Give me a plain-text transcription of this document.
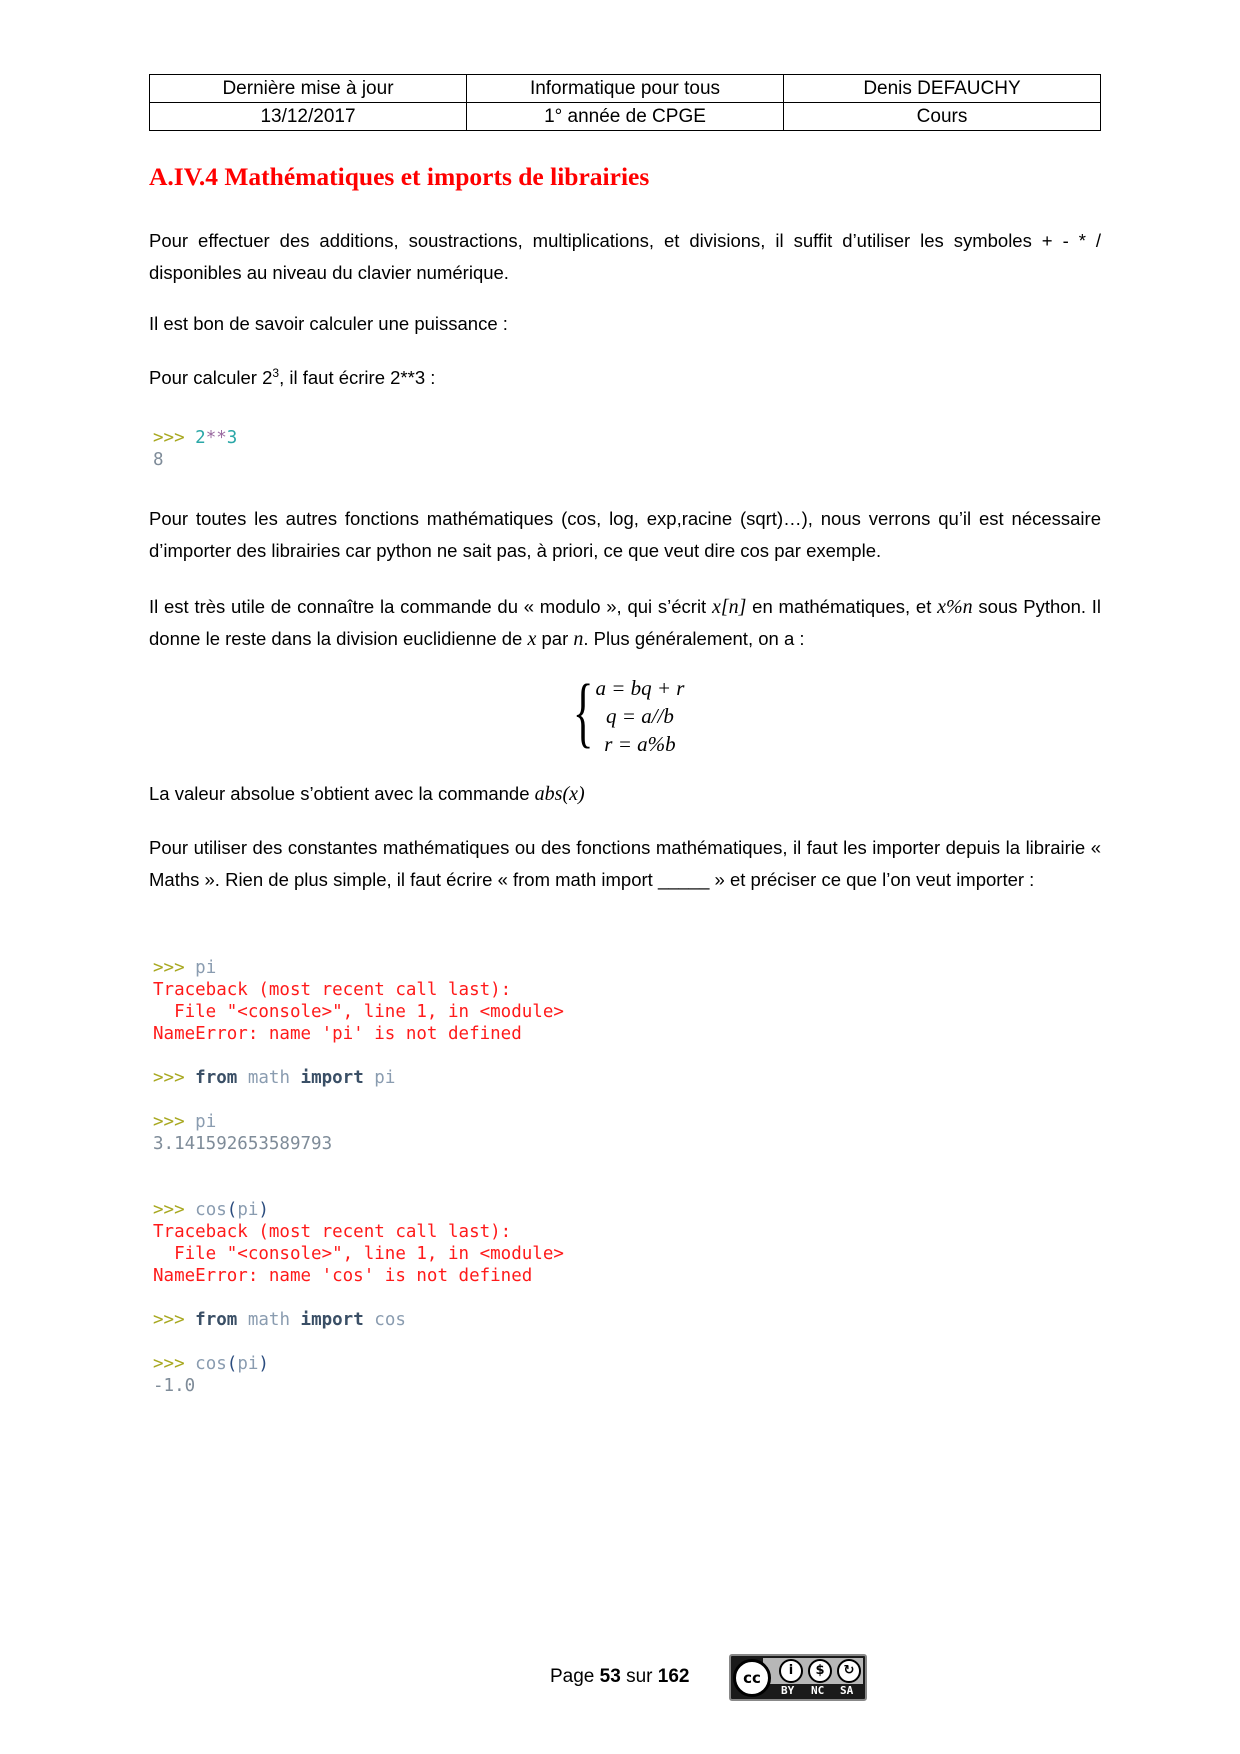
Dernière mise à jour	Informatique pour tous	Denis DEFAUCHY
13/12/2017	1° année de CPGE	Cours
A.IV.4 Mathématiques et imports de librairies

Pour effectuer des additions, soustractions, multiplications, et divisions, il suffit d’utiliser les symboles + - * / disponibles au niveau du clavier numérique.

Il est bon de savoir calculer une puissance :

Pour calculer $2^3$, il faut écrire 2**3 :

>>> 2**3
8

Pour toutes les autres fonctions mathématiques (cos, log, exp,racine (sqrt)…), nous verrons qu’il est nécessaire d’importer des librairies car python ne sait pas, à priori, ce que veut dire cos par exemple.

Il est très utile de connaître la commande du « modulo », qui s’écrit x[n] en mathématiques, et x%n sous Python. Il donne le reste dans la division euclidienne de x par n. Plus généralement, on a :

{ a = bq + r
q = a//b
r = a%b

La valeur absolue s’obtient avec la commande abs(x)

Pour utiliser des constantes mathématiques ou des fonctions mathématiques, il faut les importer depuis la librairie « Maths ». Rien de plus simple, il faut écrire « from math import _____ » et préciser ce que l’on veut importer :

>>> pi
Traceback (most recent call last):
File "<console>", line 1, in <module>
NameError: name 'pi' is not defined

>>> from math import pi

>>> pi
3.141592653589793

>>> cos(pi)
Traceback (most recent call last):
File "<console>", line 1, in <module>
NameError: name 'cos' is not defined

>>> from math import cos

>>> cos(pi)
-1.0
Page 53 sur 162	cc	i	$	↻
BY NC SA
